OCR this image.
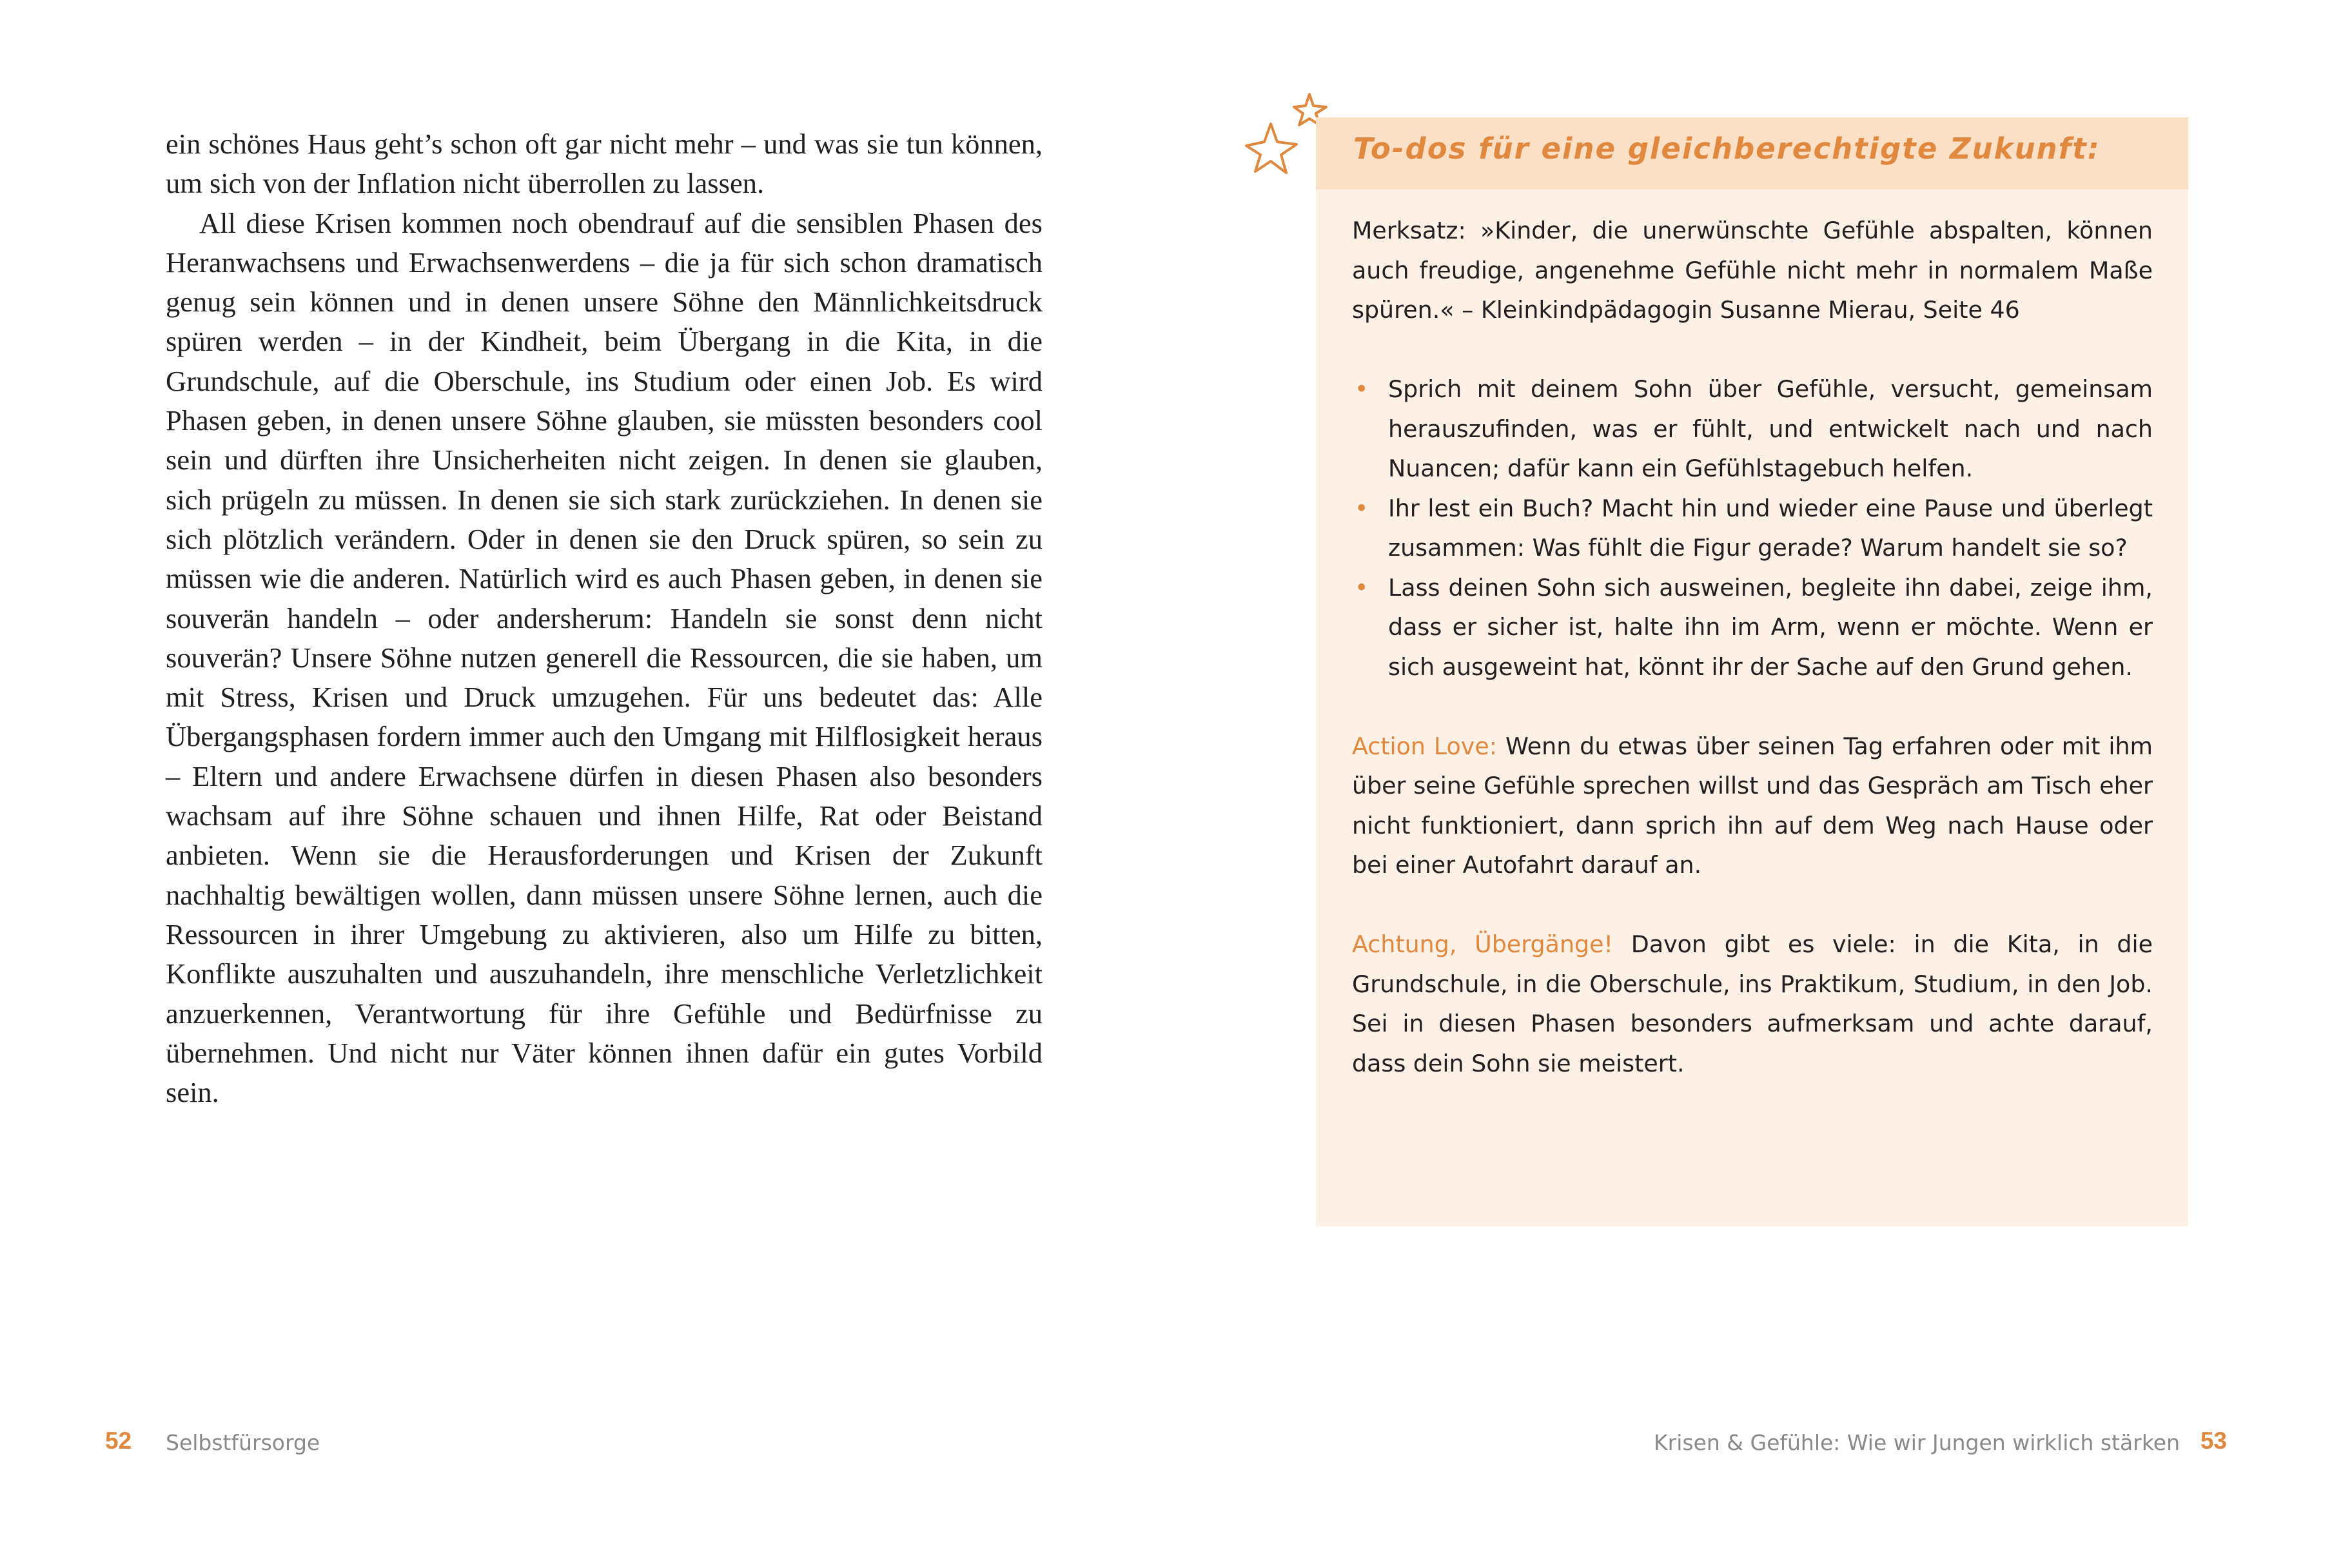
ein schönes Haus geht’s schon oft gar nicht mehr – und was sie tun können, um sich von der Inflation nicht überrollen zu lassen.

All diese Krisen kommen noch obendrauf auf die sensiblen Phasen des Heranwachsens und Erwachsenwerdens – die ja für sich schon dramatisch genug sein können und in denen unsere Söhne den Männlichkeitsdruck spüren werden – in der Kindheit, beim Übergang in die Kita, in die Grundschule, auf die Oberschule, ins Studium oder einen Job. Es wird Phasen geben, in denen unsere Söhne glauben, sie müssten besonders cool sein und dürften ihre Unsicherheiten nicht zeigen. In denen sie glauben, sich prügeln zu müssen. In denen sie sich stark zurückziehen. In denen sie sich plötzlich verändern. Oder in denen sie den Druck spüren, so sein zu müssen wie die anderen. Natürlich wird es auch Phasen geben, in denen sie souverän handeln – oder andersherum: Handeln sie sonst denn nicht souverän? Unsere Söhne nutzen generell die Ressourcen, die sie haben, um mit Stress, Krisen und Druck umzugehen. Für uns bedeutet das: Alle Übergangsphasen fordern immer auch den Umgang mit Hilflosigkeit heraus – Eltern und andere Erwachsene dürfen in diesen Phasen also besonders wachsam auf ihre Söhne schauen und ihnen Hilfe, Rat oder Beistand anbieten. Wenn sie die Herausforderungen und Krisen der Zukunft nachhaltig bewältigen wollen, dann müssen unsere Söhne lernen, auch die Ressourcen in ihrer Umgebung zu aktivieren, also um Hilfe zu bitten, Konflikte auszuhalten und auszuhandeln, ihre menschliche Verletzlichkeit anzuerkennen, Verantwortung für ihre Gefühle und Bedürfnisse zu übernehmen. Und nicht nur Väter können ihnen dafür ein gutes Vorbild sein.

52 Selbstfürsorge
To-dos für eine gleichberechtigte Zukunft:

Merksatz: »Kinder, die unerwünschte Gefühle abspalten, können auch freudige, angenehme Gefühle nicht mehr in normalem Maße spüren.« – Kleinkindpädagogin Susanne Mierau, Seite 46

• Sprich mit deinem Sohn über Gefühle, versucht, gemeinsam herauszufinden, was er fühlt, und entwickelt nach und nach Nuancen; dafür kann ein Gefühlstagebuch helfen.
• Ihr lest ein Buch? Macht hin und wieder eine Pause und überlegt zusammen: Was fühlt die Figur gerade? Warum handelt sie so?
• Lass deinen Sohn sich ausweinen, begleite ihn dabei, zeige ihm, dass er sicher ist, halte ihn im Arm, wenn er möchte. Wenn er sich ausgeweint hat, könnt ihr der Sache auf den Grund gehen.

Action Love: Wenn du etwas über seinen Tag erfahren oder mit ihm über seine Gefühle sprechen willst und das Gespräch am Tisch eher nicht funktioniert, dann sprich ihn auf dem Weg nach Hause oder bei einer Autofahrt darauf an.

Achtung, Übergänge! Davon gibt es viele: in die Kita, in die Grundschule, in die Oberschule, ins Praktikum, Studium, in den Job. Sei in diesen Phasen besonders aufmerksam und achte darauf, dass dein Sohn sie meistert.

Krisen & Gefühle: Wie wir Jungen wirklich stärken 53
